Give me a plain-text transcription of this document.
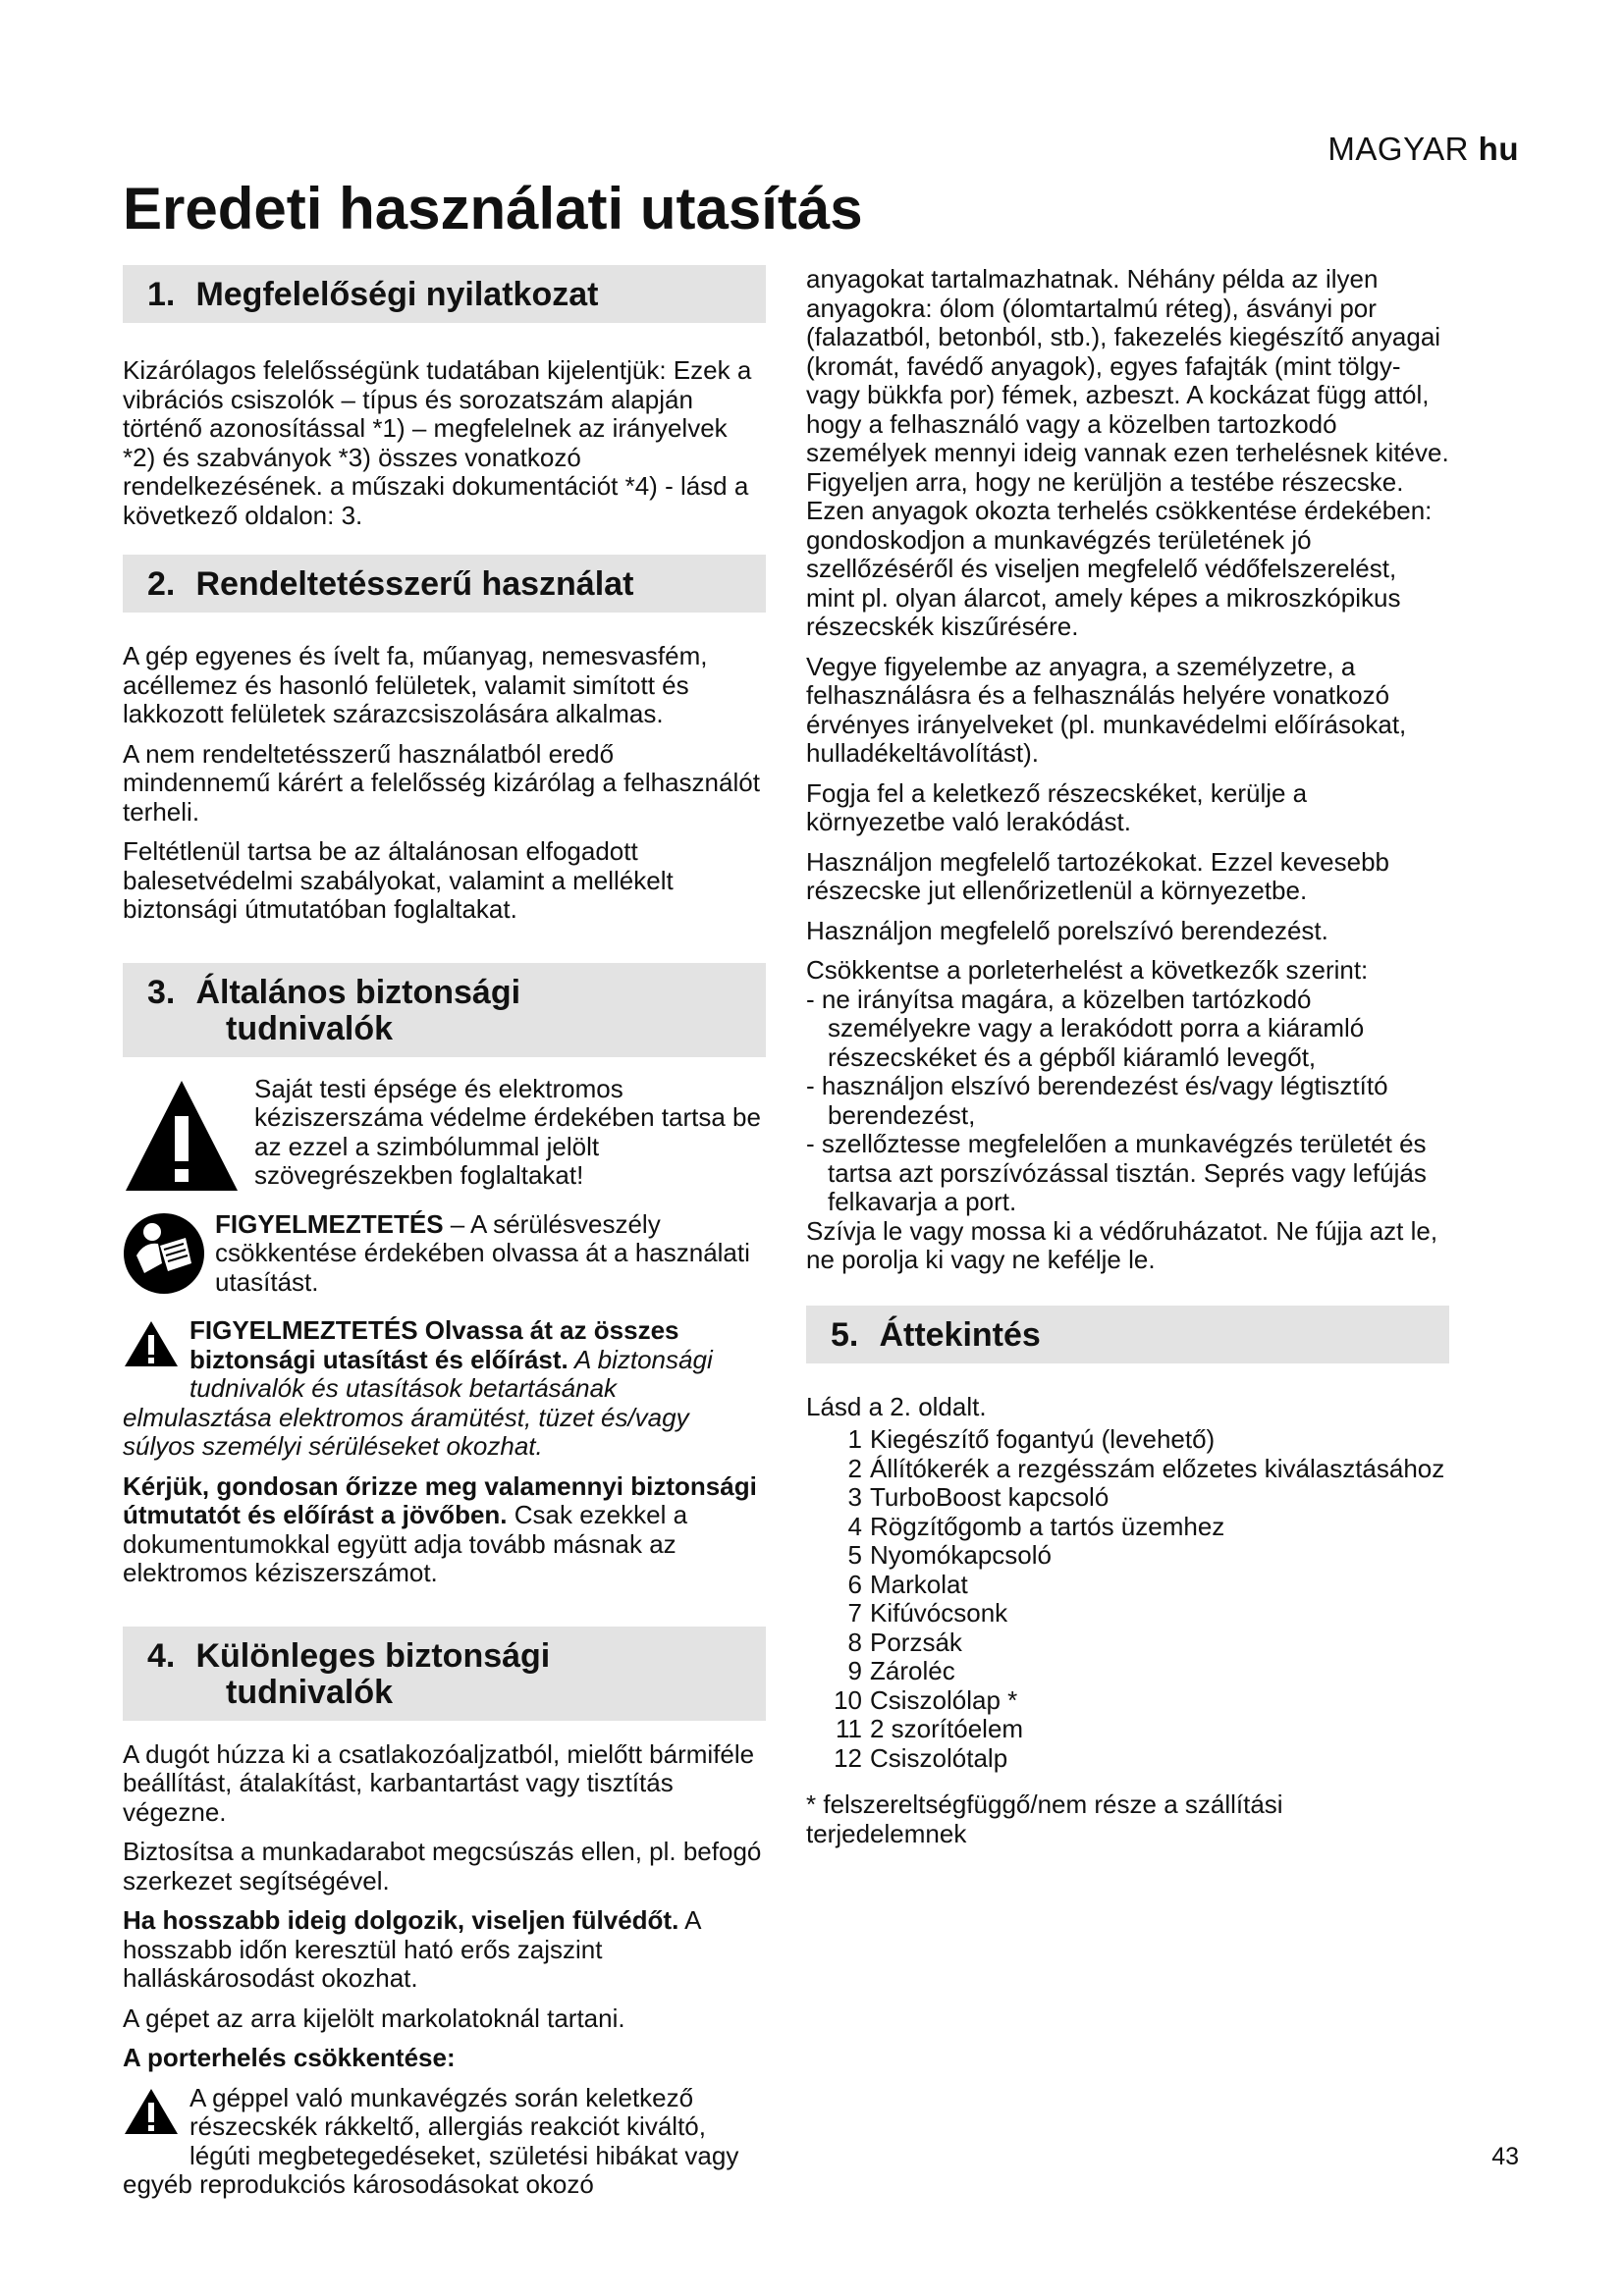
MAGYAR hu
Eredeti használati utasítás
1. Megfelelőségi nyilatkozat

Kizárólagos felelősségünk tudatában kijelentjük: Ezek a vibrációs csiszolók – típus és sorozatszám alapján történő azonosítással *1) – megfelelnek az irányelvek *2) és szabványok *3) összes vonatkozó rendelkezésének. a műszaki dokumentációt *4) - lásd a következő oldalon: 3.

2. Rendeltetésszerű használat

A gép egyenes és ívelt fa, műanyag, nemesvasfém, acéllemez és hasonló felületek, valamit simított és lakkozott felületek szárazcsiszolására alkalmas.

A nem rendeltetésszerű használatból eredő mindennemű kárért a felelősség kizárólag a felhasználót terheli.

Feltétlenül tartsa be az általánosan elfogadott balesetvédelmi szabályokat, valamint a mellékelt biztonsági útmutatóban foglaltakat.

3. Általános biztonsági
tudnivalók

Saját testi épsége és elektromos kéziszerszáma védelme érdekében tartsa be az ezzel a szimbólummal jelölt szövegrészekben foglaltakat!

FIGYELMEZTETÉS – A sérülésveszély csökkentése érdekében olvassa át a használati utasítást.

FIGYELMEZTETÉS Olvassa át az összes biztonsági utasítást és előírást. A biztonsági tudnivalók és utasítások betartásának elmulasztása elektromos áramütést, tüzet és/vagy súlyos személyi sérüléseket okozhat.

Kérjük, gondosan őrizze meg valamennyi biztonsági útmutatót és előírást a jövőben. Csak ezekkel a dokumentumokkal együtt adja tovább másnak az elektromos kéziszerszámot.

4. Különleges biztonsági
tudnivalók

A dugót húzza ki a csatlakozóaljzatból, mielőtt bármiféle beállítást, átalakítást, karbantartást vagy tisztítás végezne.

Biztosítsa a munkadarabot megcsúszás ellen, pl. befogó szerkezet segítségével.

Ha hosszabb ideig dolgozik, viseljen fülvédőt. A hosszabb időn keresztül ható erős zajszint halláskárosodást okozhat.

A gépet az arra kijelölt markolatoknál tartani.

A porterhelés csökkentése:

A géppel való munkavégzés során keletkező részecskék rákkeltő, allergiás reakciót kiváltó, légúti megbetegedéseket, születési hibákat vagy egyéb reprodukciós károsodásokat okozó

anyagokat tartalmazhatnak. Néhány példa az ilyen anyagokra: ólom (ólomtartalmú réteg), ásványi por (falazatból, betonból, stb.), fakezelés kiegészítő anyagai (kromát, favédő anyagok), egyes fafajták (mint tölgy- vagy bükkfa por) fémek, azbeszt. A kockázat függ attól, hogy a felhasználó vagy a közelben tartozkodó személyek mennyi ideig vannak ezen terhelésnek kitéve.

Figyeljen arra, hogy ne kerüljön a testébe részecske.

Ezen anyagok okozta terhelés csökkentése érdekében: gondoskodjon a munkavégzés területének jó szellőzéséről és viseljen megfelelő védőfelszerelést, mint pl. olyan álarcot, amely képes a mikroszkópikus részecskék kiszűrésére.

Vegye figyelembe az anyagra, a személyzetre, a felhasználásra és a felhasználás helyére vonatkozó érvényes irányelveket (pl. munkavédelmi előírásokat, hulladékeltávolítást).

Fogja fel a keletkező részecskéket, kerülje a környezetbe való lerakódást.

Használjon megfelelő tartozékokat. Ezzel kevesebb részecske jut ellenőrizetlenül a környezetbe.

Használjon megfelelő porelszívó berendezést.

Csökkentse a porleterhelést a következők szerint:

- ne irányítsa magára, a közelben tartózkodó személyekre vagy a lerakódott porra a kiáramló részecskéket és a gépből kiáramló levegőt,

- használjon elszívó berendezést és/vagy légtisztító berendezést,

- szellőztesse megfelelően a munkavégzés területét és tartsa azt porszívózással tisztán. Seprés vagy lefújás felkavarja a port.

Szívja le vagy mossa ki a védőruházatot. Ne fújja azt le, ne porolja ki vagy ne kefélje le.

5. Áttekintés

Lásd a 2. oldalt.

1 Kiegészítő fogantyú (levehető)
2 Állítókerék a rezgésszám előzetes kiválasztásához
3 TurboBoost kapcsoló
4 Rögzítőgomb a tartós üzemhez
5 Nyomókapcsoló
6 Markolat
7 Kifúvócsonk
8 Porzsák
9 Zároléc
10 Csiszolólap *
11 2 szorítóelem
12 Csiszolótalp

* felszereltségfüggő/nem része a szállítási terjedelemnek

43
